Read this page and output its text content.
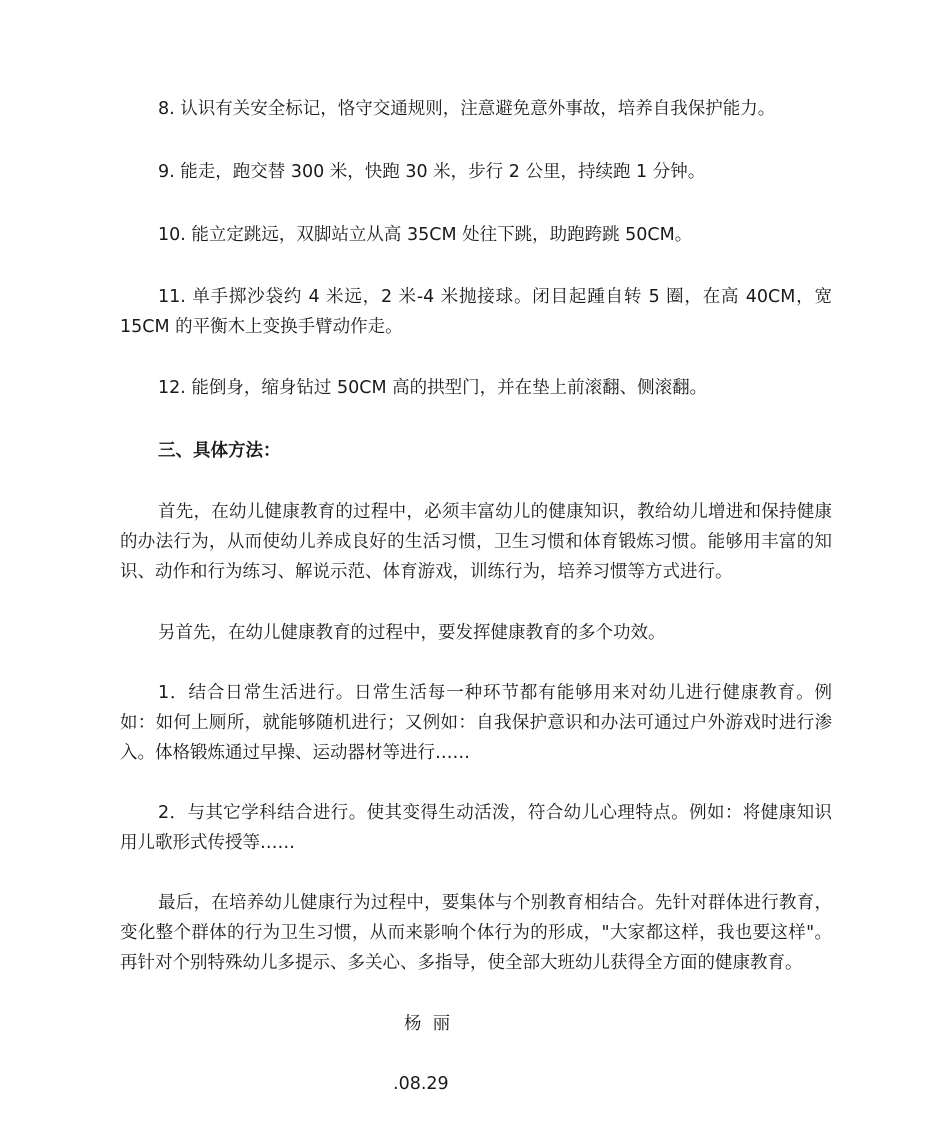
8. 认识有关安全标记，恪守交通规则，注意避免意外事故，培养自我保护能力。

9. 能走，跑交替 300 米，快跑 30 米，步行 2 公里，持续跑 1 分钟。

10. 能立定跳远，双脚站立从高 35CM 处往下跳，助跑跨跳 50CM。

11. 单手掷沙袋约 4 米远，2 米-4 米抛接球。闭目起踵自转 5 圈，在高 40CM，宽 15CM 的平衡木上变换手臂动作走。

12. 能倒身，缩身钻过 50CM 高的拱型门，并在垫上前滚翻、侧滚翻。

三、具体方法：

首先，在幼儿健康教育的过程中，必须丰富幼儿的健康知识，教给幼儿增进和保持健康的办法行为，从而使幼儿养成良好的生活习惯，卫生习惯和体育锻炼习惯。能够用丰富的知识、动作和行为练习、解说示范、体育游戏，训练行为，培养习惯等方式进行。

另首先，在幼儿健康教育的过程中，要发挥健康教育的多个功效。

1．结合日常生活进行。日常生活每一种环节都有能够用来对幼儿进行健康教育。例如：如何上厕所，就能够随机进行；又例如：自我保护意识和办法可通过户外游戏时进行渗入。体格锻炼通过早操、运动器材等进行……

2．与其它学科结合进行。使其变得生动活泼，符合幼儿心理特点。例如：将健康知识用儿歌形式传授等……

最后，在培养幼儿健康行为过程中，要集体与个别教育相结合。先针对群体进行教育，变化整个群体的行为卫生习惯，从而来影响个体行为的形成，"大家都这样，我也要这样"。再针对个别特殊幼儿多提示、多关心、多指导，使全部大班幼儿获得全方面的健康教育。

杨  丽

.08.29
